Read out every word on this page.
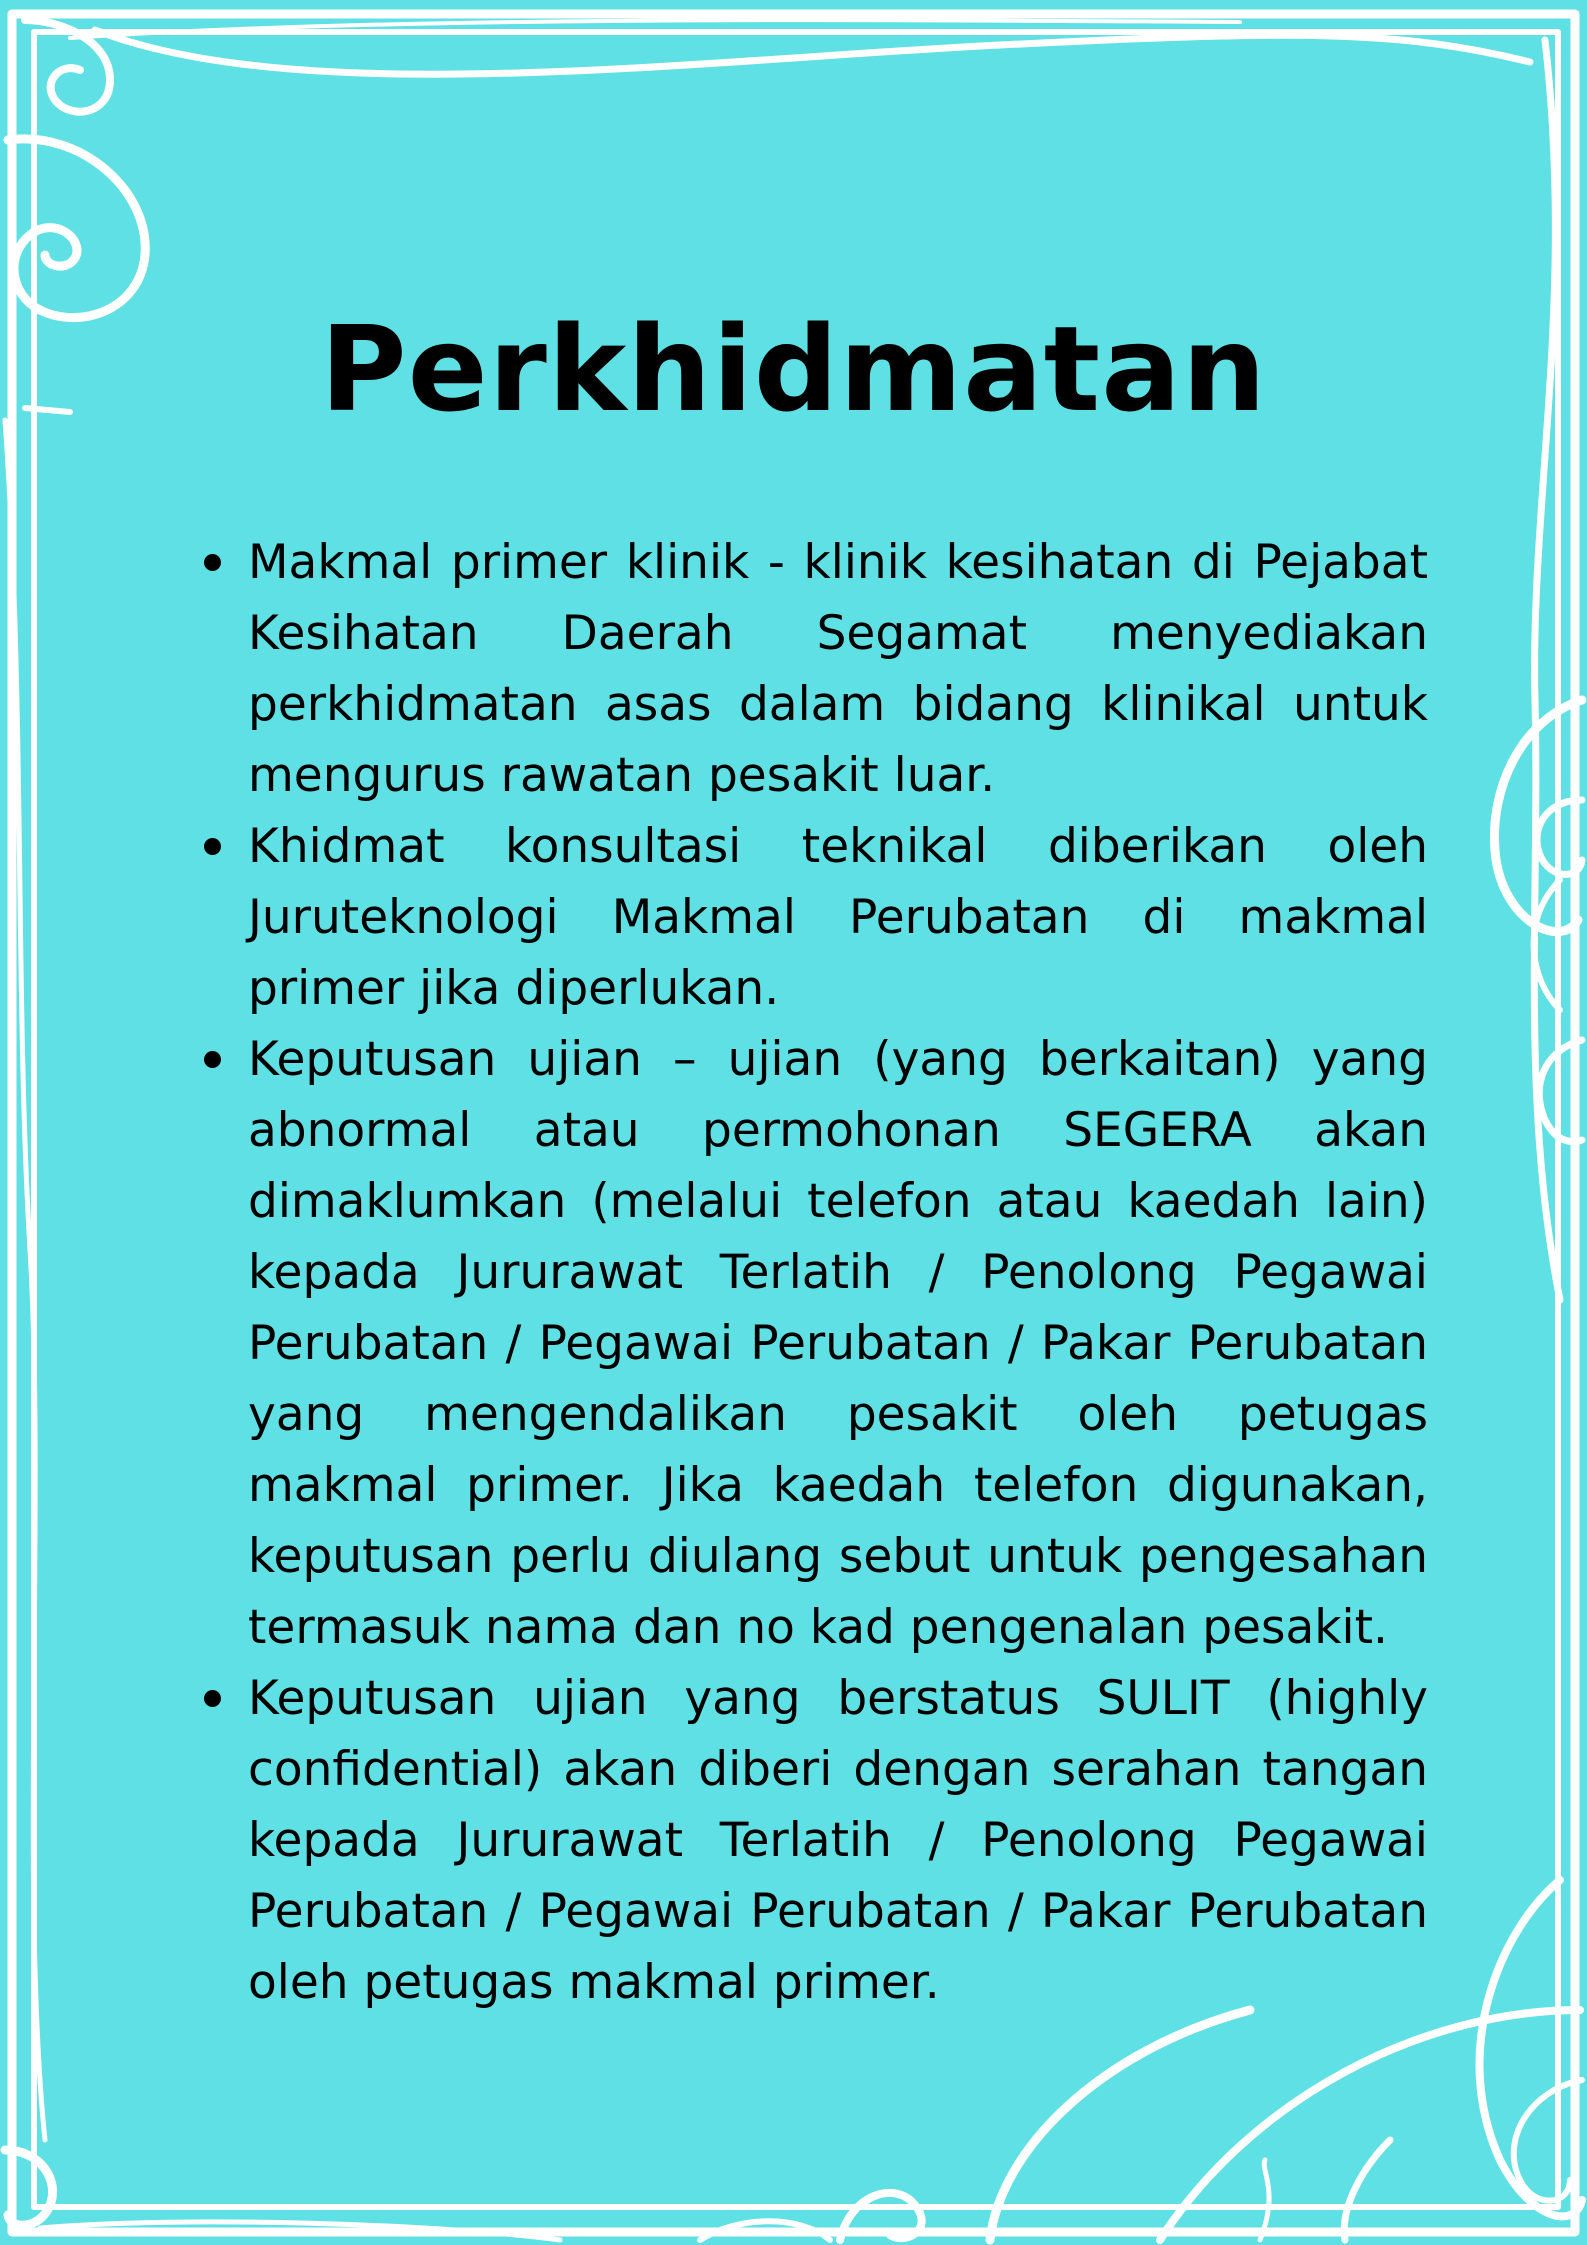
Perkhidmatan
Makmal primer klinik - klinik kesihatan di Pejabat Kesihatan Daerah Segamat menyediakan perkhidmatan asas dalam bidang klinikal untuk mengurus rawatan pesakit luar.
Khidmat konsultasi teknikal diberikan oleh Juruteknologi Makmal Perubatan di makmal primer jika diperlukan.
Keputusan ujian – ujian (yang berkaitan) yang abnormal atau permohonan SEGERA akan dimaklumkan (melalui telefon atau kaedah lain) kepada Jururawat Terlatih / Penolong Pegawai Perubatan / Pegawai Perubatan / Pakar Perubatan yang mengendalikan pesakit oleh petugas makmal primer. Jika kaedah telefon digunakan, keputusan perlu diulang sebut untuk pengesahan termasuk nama dan no kad pengenalan pesakit.
Keputusan ujian yang berstatus SULIT (highly confidential) akan diberi dengan serahan tangan kepada Jururawat Terlatih / Penolong Pegawai Perubatan / Pegawai Perubatan / Pakar Perubatan oleh petugas makmal primer.
